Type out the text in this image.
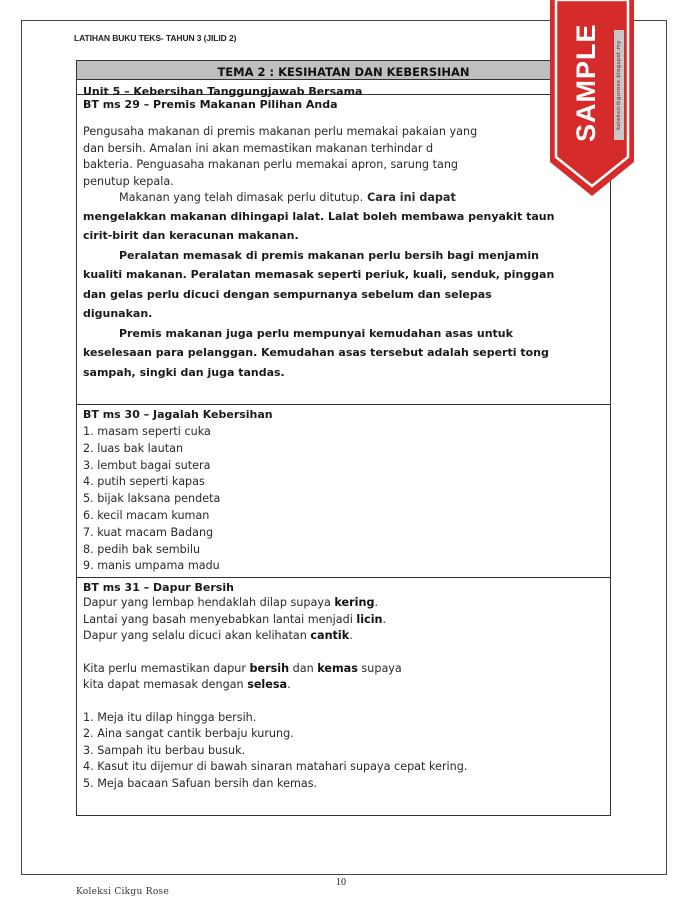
LATIHAN BUKU TEKS- TAHUN 3 (JILID 2)
TEMA 2 : KESIHATAN DAN KEBERSIHAN
Unit 5 – Kebersihan Tanggungjawab Bersama
BT ms 29 – Premis Makanan Pilihan Anda

Pengusaha makanan di premis makanan perlu memakai pakaian yang
dan bersih. Amalan ini akan memastikan makanan terhindar d
bakteria. Penguasaha makanan perlu memakai apron, sarung tang
penutup kepala.
Makanan yang telah dimasak perlu ditutup. Cara ini dapat

mengelakkan makanan dihingapi lalat. Lalat boleh membawa penyakit taun
cirit-birit dan keracunan makanan.
Peralatan memasak di premis makanan perlu bersih bagi menjamin
kualiti makanan. Peralatan memasak seperti periuk, kuali, senduk, pinggan
dan gelas perlu dicuci dengan sempurnanya sebelum dan selepas
digunakan.
Premis makanan juga perlu mempunyai kemudahan asas untuk
keselesaan para pelanggan. Kemudahan asas tersebut adalah seperti tong
sampah, singki dan juga tandas.

BT ms 30 – Jagalah Kebersihan
1. masam seperti cuka
2. luas bak lautan
3. lembut bagai sutera
4. putih seperti kapas
5. bijak laksana pendeta
6. kecil macam kuman
7. kuat macam Badang
8. pedih bak sembilu
9. manis umpama madu
BT ms 31 – Dapur Bersih

Dapur yang lembap hendaklah dilap supaya kering.

Lantai yang basah menyebabkan lantai menjadi licin.

Dapur yang selalu dicuci akan kelihatan cantik.

Kita perlu memastikan dapur bersih dan kemas supaya

kita dapat memasak dengan selesa.

1. Meja itu dilap hingga bersih.
2. Aina sangat cantik berbaju kurung.
3. Sampah itu berbau busuk.
4. Kasut itu dijemur di bawah sinaran matahari supaya cepat kering.
5. Meja bacaan Safuan bersih dan kemas.
SAMPLE	koleksicikgurose.blogspot.my
10
Koleksi Cikgu Rose
